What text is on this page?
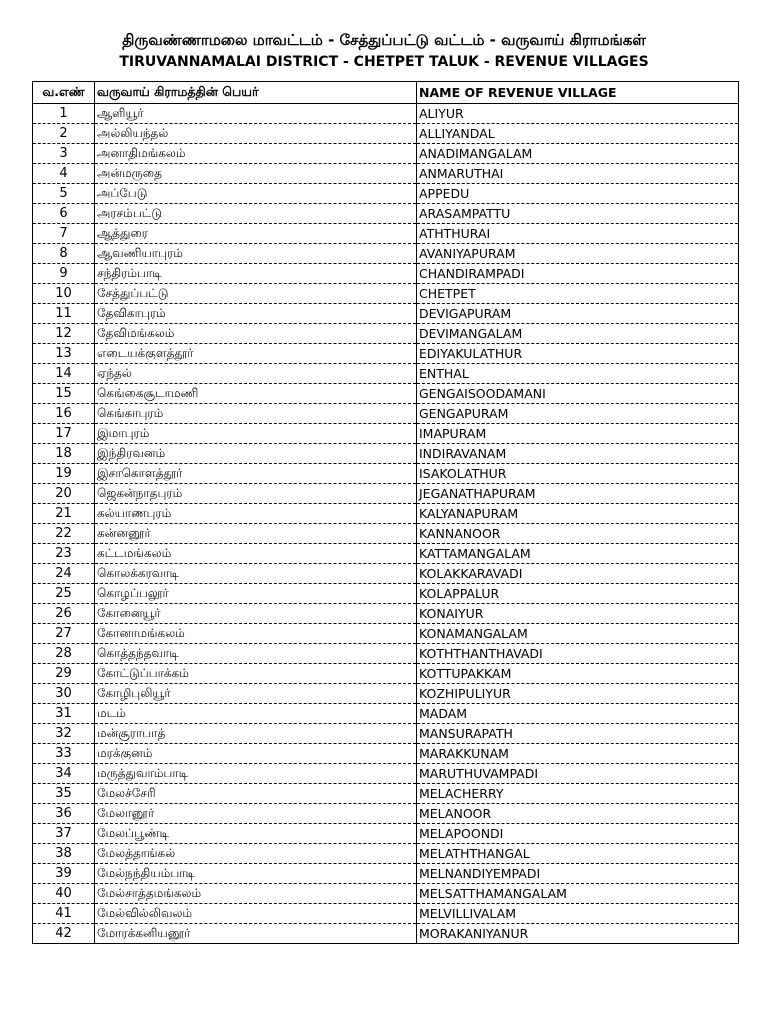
திருவண்ணாமலை மாவட்டம் - சேத்துப்பட்டு வட்டம் - வருவாய் கிராமங்கள்
TIRUVANNAMALAI DISTRICT - CHETPET TALUK - REVENUE VILLAGES
வ.எண்	வருவாய் கிராமத்தின் பெயர்	NAME OF REVENUE VILLAGE
1	ஆளியூர்	ALIYUR
2	அல்லியந்தல்	ALLIYANDAL
3	அனாதிமங்கலம்	ANADIMANGALAM
4	அன்மருதை	ANMARUTHAI
5	அப்பேடு	APPEDU
6	அரசம்பட்டு	ARASAMPATTU
7	ஆத்துரை	ATHTHURAI
8	ஆவணியாபுரம்	AVANIYAPURAM
9	சந்திரம்பாடி	CHANDIRAMPADI
10	சேத்துப்பட்டு	CHETPET
11	தேவிகாபுரம்	DEVIGAPURAM
12	தேவிமங்கலம்	DEVIMANGALAM
13	எடையக்குளத்தூர்	EDIYAKULATHUR
14	ஏந்தல்	ENTHAL
15	கெங்கைசூடாமணி	GENGAISOODAMANI
16	கெங்காபுரம்	GENGAPURAM
17	இமாபுரம்	IMAPURAM
18	இந்திரவனம்	INDIRAVANAM
19	இசாகொளத்தூர்	ISAKOLATHUR
20	ஜெகன்நாதபுரம்	JEGANATHAPURAM
21	கல்யாணபுரம்	KALYANAPURAM
22	கன்னனூர்	KANNANOOR
23	கட்டமங்கலம்	KATTAMANGALAM
24	கொலக்கரவாடி	KOLAKKARAVADI
25	கொழப்பலூர்	KOLAPPALUR
26	கோனையூர்	KONAIYUR
27	கோனாமங்கலம்	KONAMANGALAM
28	கொத்தந்தவாடி	KOTHTHANTHAVADI
29	கோட்டுப்பாக்கம்	KOTTUPAKKAM
30	கோழிபுலியூர்	KOZHIPULIYUR
31	மடம்	MADAM
32	மன்சூராபாத்	MANSURAPATH
33	மரக்குனம்	MARAKKUNAM
34	மருத்துவாம்பாடி	MARUTHUVAMPADI
35	மேலச்சேரி	MELACHERRY
36	மேலானூர்	MELANOOR
37	மேலப்பூண்டி	MELAPOONDI
38	மேலத்தாங்கல்	MELATHTHANGAL
39	மேல்நந்தியம்பாடி	MELNANDIYEMPADI
40	மேல்சாத்தமங்கலம்	MELSATTHAMANGALAM
41	மேல்வில்லிவலம்	MELVILLIVALAM
42	மோரக்கனியனூர்	MORAKANIYANUR
